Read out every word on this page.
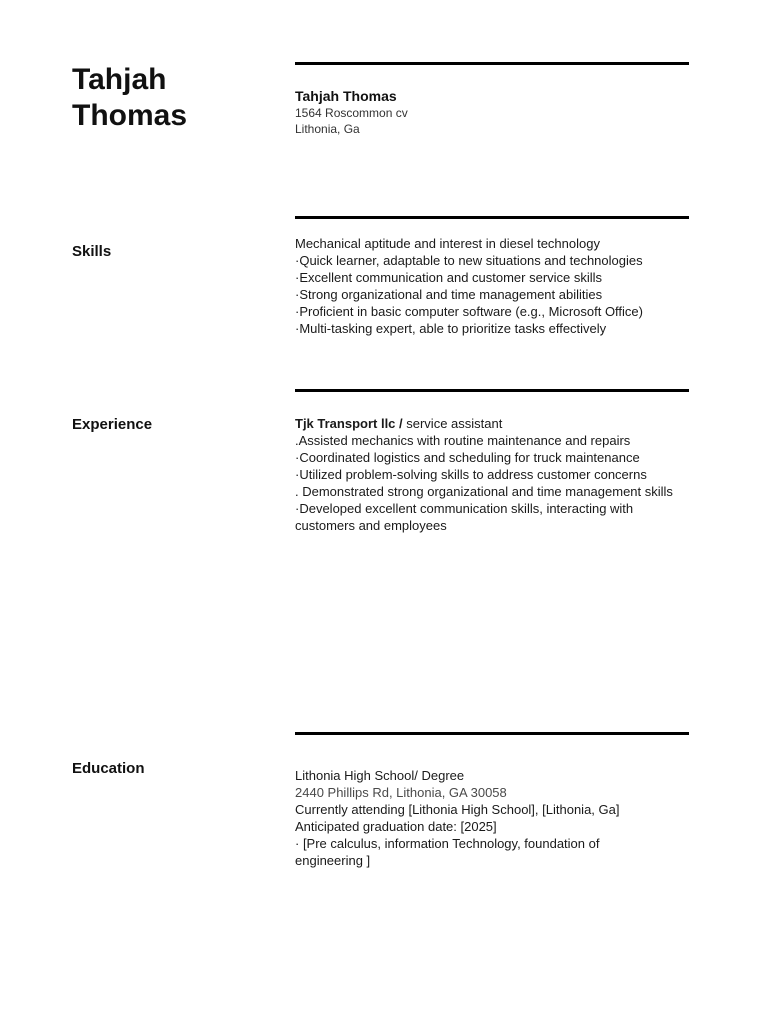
Tahjah
Thomas
Tahjah Thomas
1564 Roscommon cv
Lithonia, Ga
Skills	Mechanical aptitude and interest in diesel technology
·Quick learner, adaptable to new situations and technologies
·Excellent communication and customer service skills
·Strong organizational and time management abilities
·Proficient in basic computer software (e.g., Microsoft Office)
·Multi-tasking expert, able to prioritize tasks effectively
Experience	Tjk Transport llc / service assistant
.Assisted mechanics with routine maintenance and repairs
·Coordinated logistics and scheduling for truck maintenance
·Utilized problem-solving skills to address customer concerns
. Demonstrated strong organizational and time management skills
·Developed excellent communication skills, interacting with customers and employees
Education	Lithonia High School/ Degree
2440 Phillips Rd, Lithonia, GA 30058
Currently attending [Lithonia High School], [Lithonia, Ga]
Anticipated graduation date: [2025]
· [Pre calculus, information Technology, foundation of engineering ]
